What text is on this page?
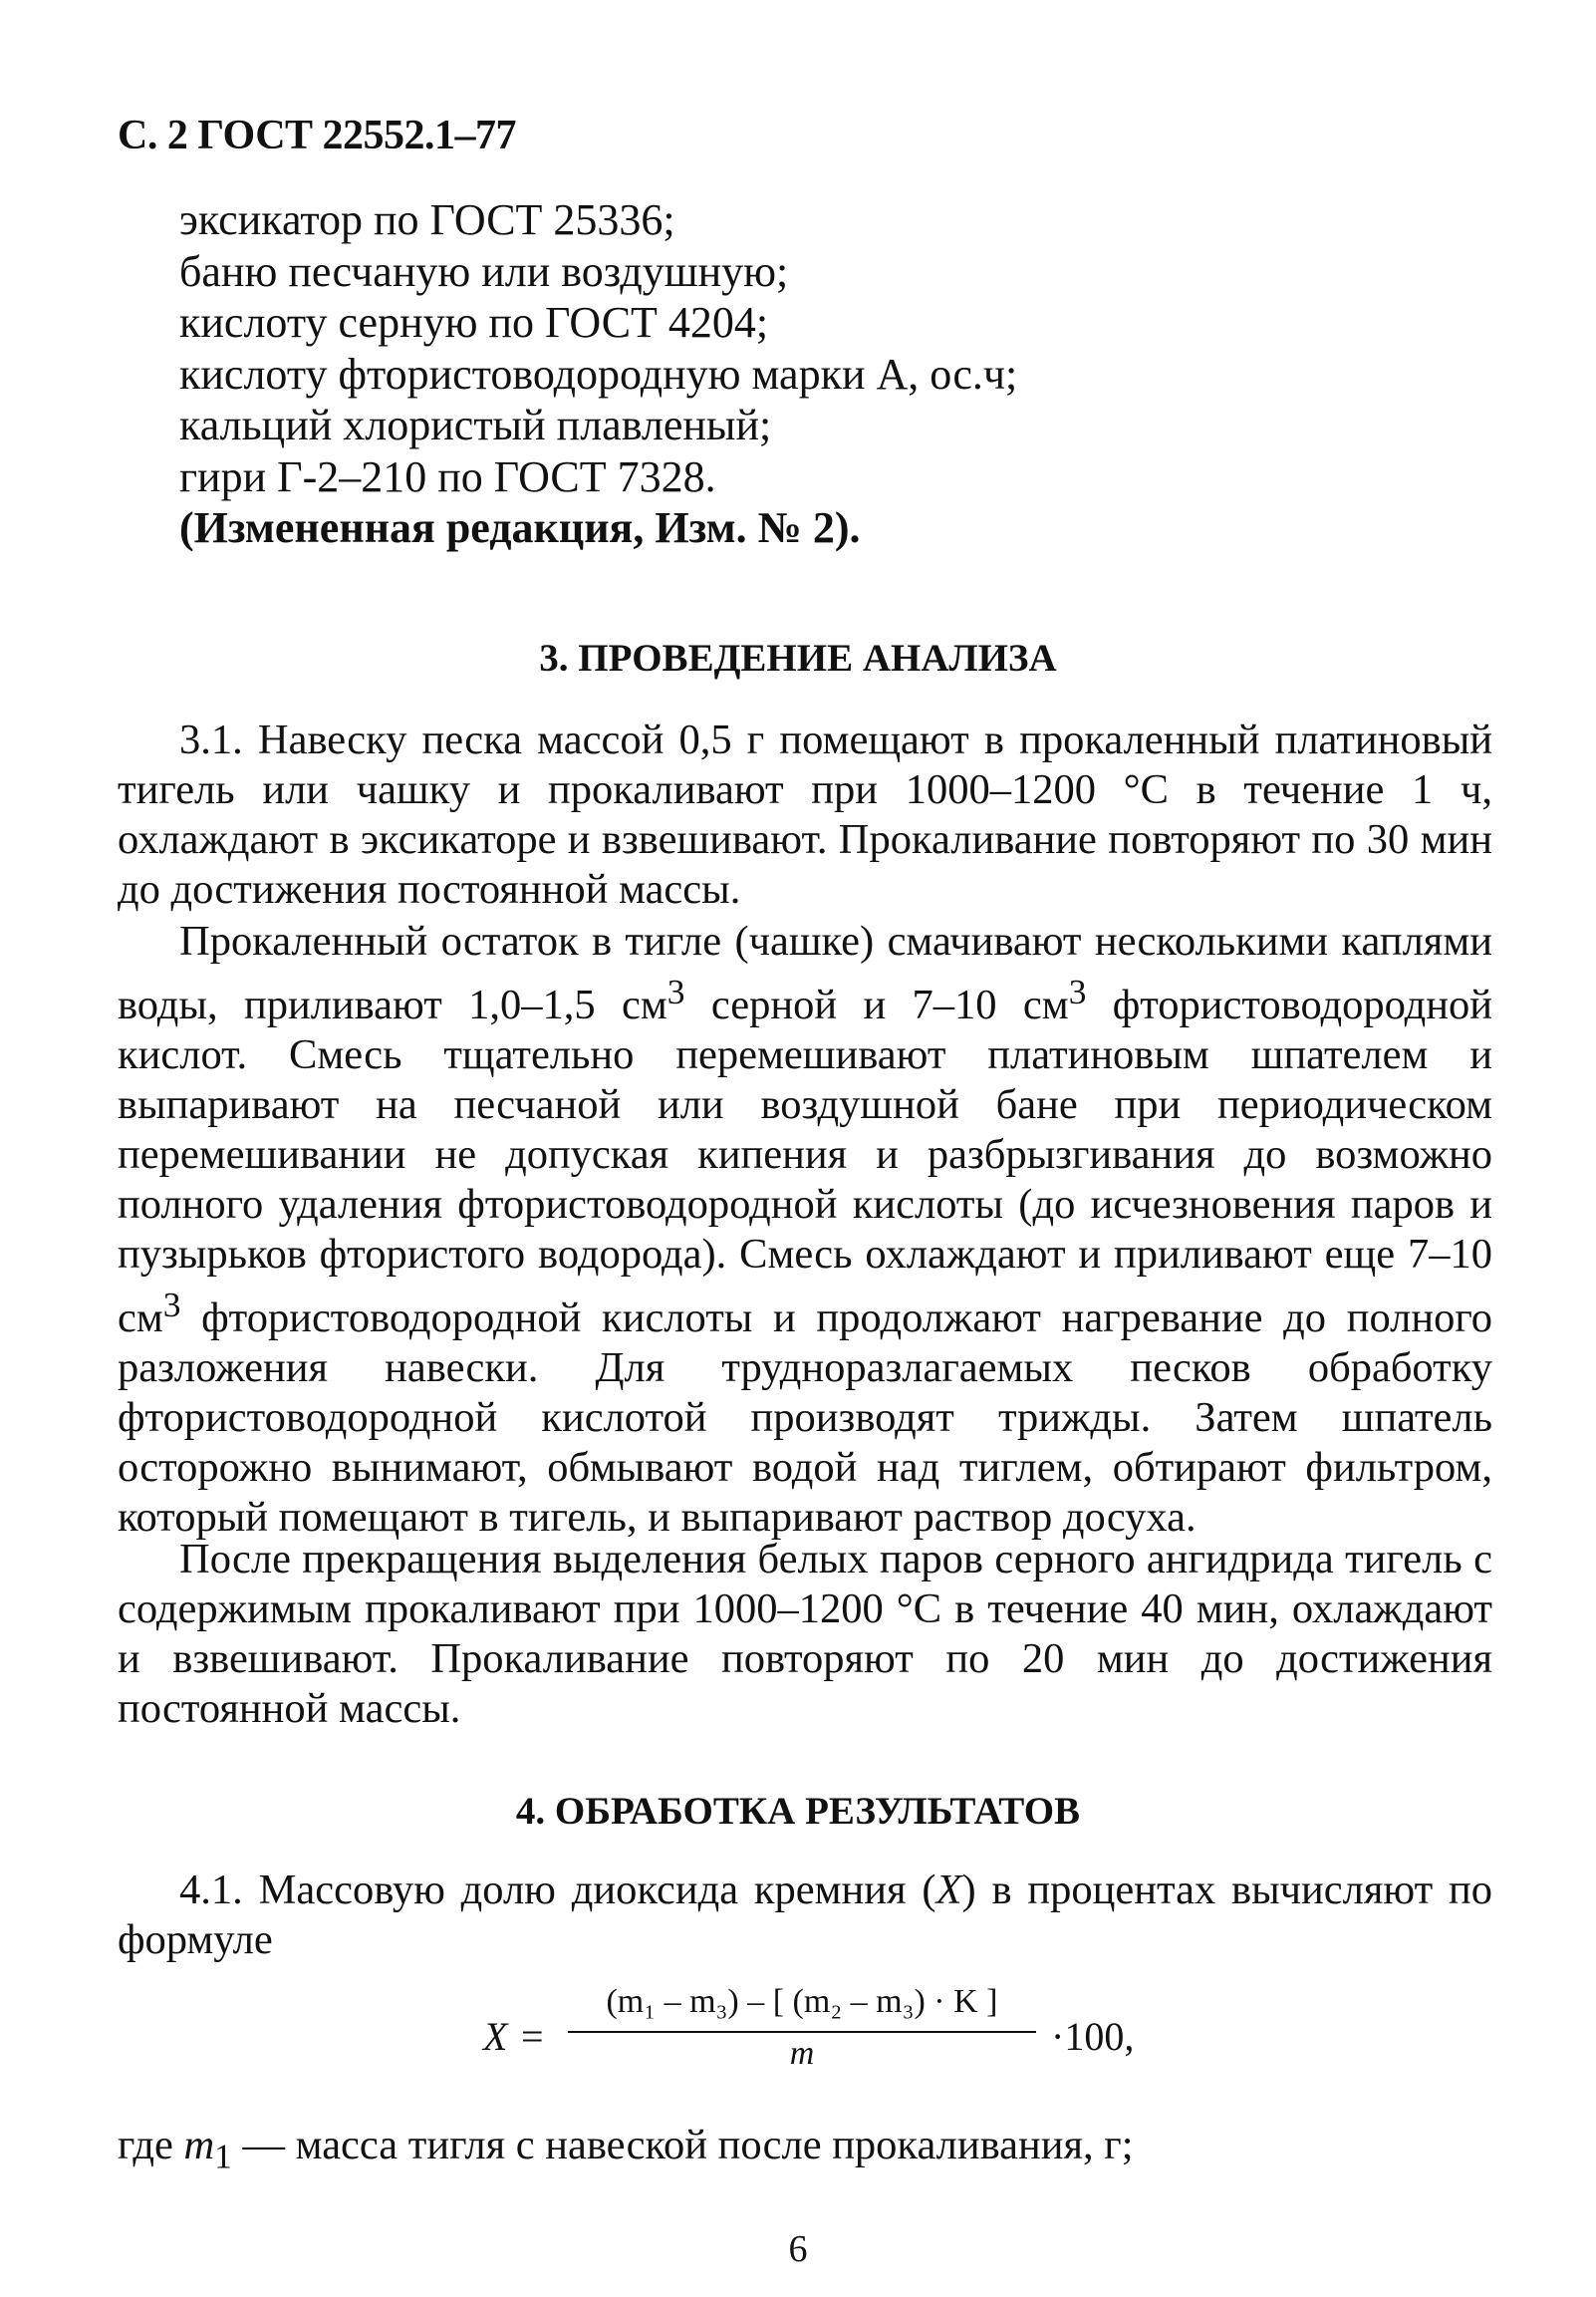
С. 2 ГОСТ 22552.1–77
эксикатор по ГОСТ 25336;
баню песчаную или воздушную;
кислоту серную по ГОСТ 4204;
кислоту фтористоводородную марки А, ос.ч;
кальций хлористый плавленый;
гири Г-2–210 по ГОСТ 7328.
(Измененная редакция, Изм. № 2).
3. ПРОВЕДЕНИЕ АНАЛИЗА
3.1. Навеску песка массой 0,5 г помещают в прокаленный платиновый тигель или чашку и прокаливают при 1000–1200 °С в течение 1 ч, охлаждают в эксикаторе и взвешивают. Прокаливание повторяют по 30 мин до достижения постоянной массы.
Прокаленный остаток в тигле (чашке) смачивают несколькими каплями воды, приливают 1,0–1,5 $см^3$ серной и 7–10 $см^3$ фтористоводородной кислот. Смесь тщательно перемешивают платиновым шпателем и выпаривают на песчаной или воздушной бане при периодическом перемешивании не допуская кипения и разбрызгивания до возможно полного удаления фтористоводородной кислоты (до исчезновения паров и пузырьков фтористого водорода). Смесь охлаждают и приливают еще 7–10 $см^3$ фтористоводородной кислоты и продолжают нагревание до полного разложения навески. Для трудноразлагаемых песков обработку фтористоводородной кислотой производят трижды. Затем шпатель осторожно вынимают, обмывают водой над тиглем, обтирают фильтром, который помещают в тигель, и выпаривают раствор досуха.
После прекращения выделения белых паров серного ангидрида тигель с содержимым прокаливают при 1000–1200 °С в течение 40 мин, охлаждают и взвешивают. Прокаливание повторяют по 20 мин до достижения постоянной массы.
4. ОБРАБОТКА РЕЗУЛЬТАТОВ
4.1. Массовую долю диоксида кремния (X) в процентах вычисляют по формуле
X =
(m₁ – m₃) – [ (m₂ – m₃) · K ]
m	·100,
где $m_1$ — масса тигля с навеской после прокаливания, г;
6
